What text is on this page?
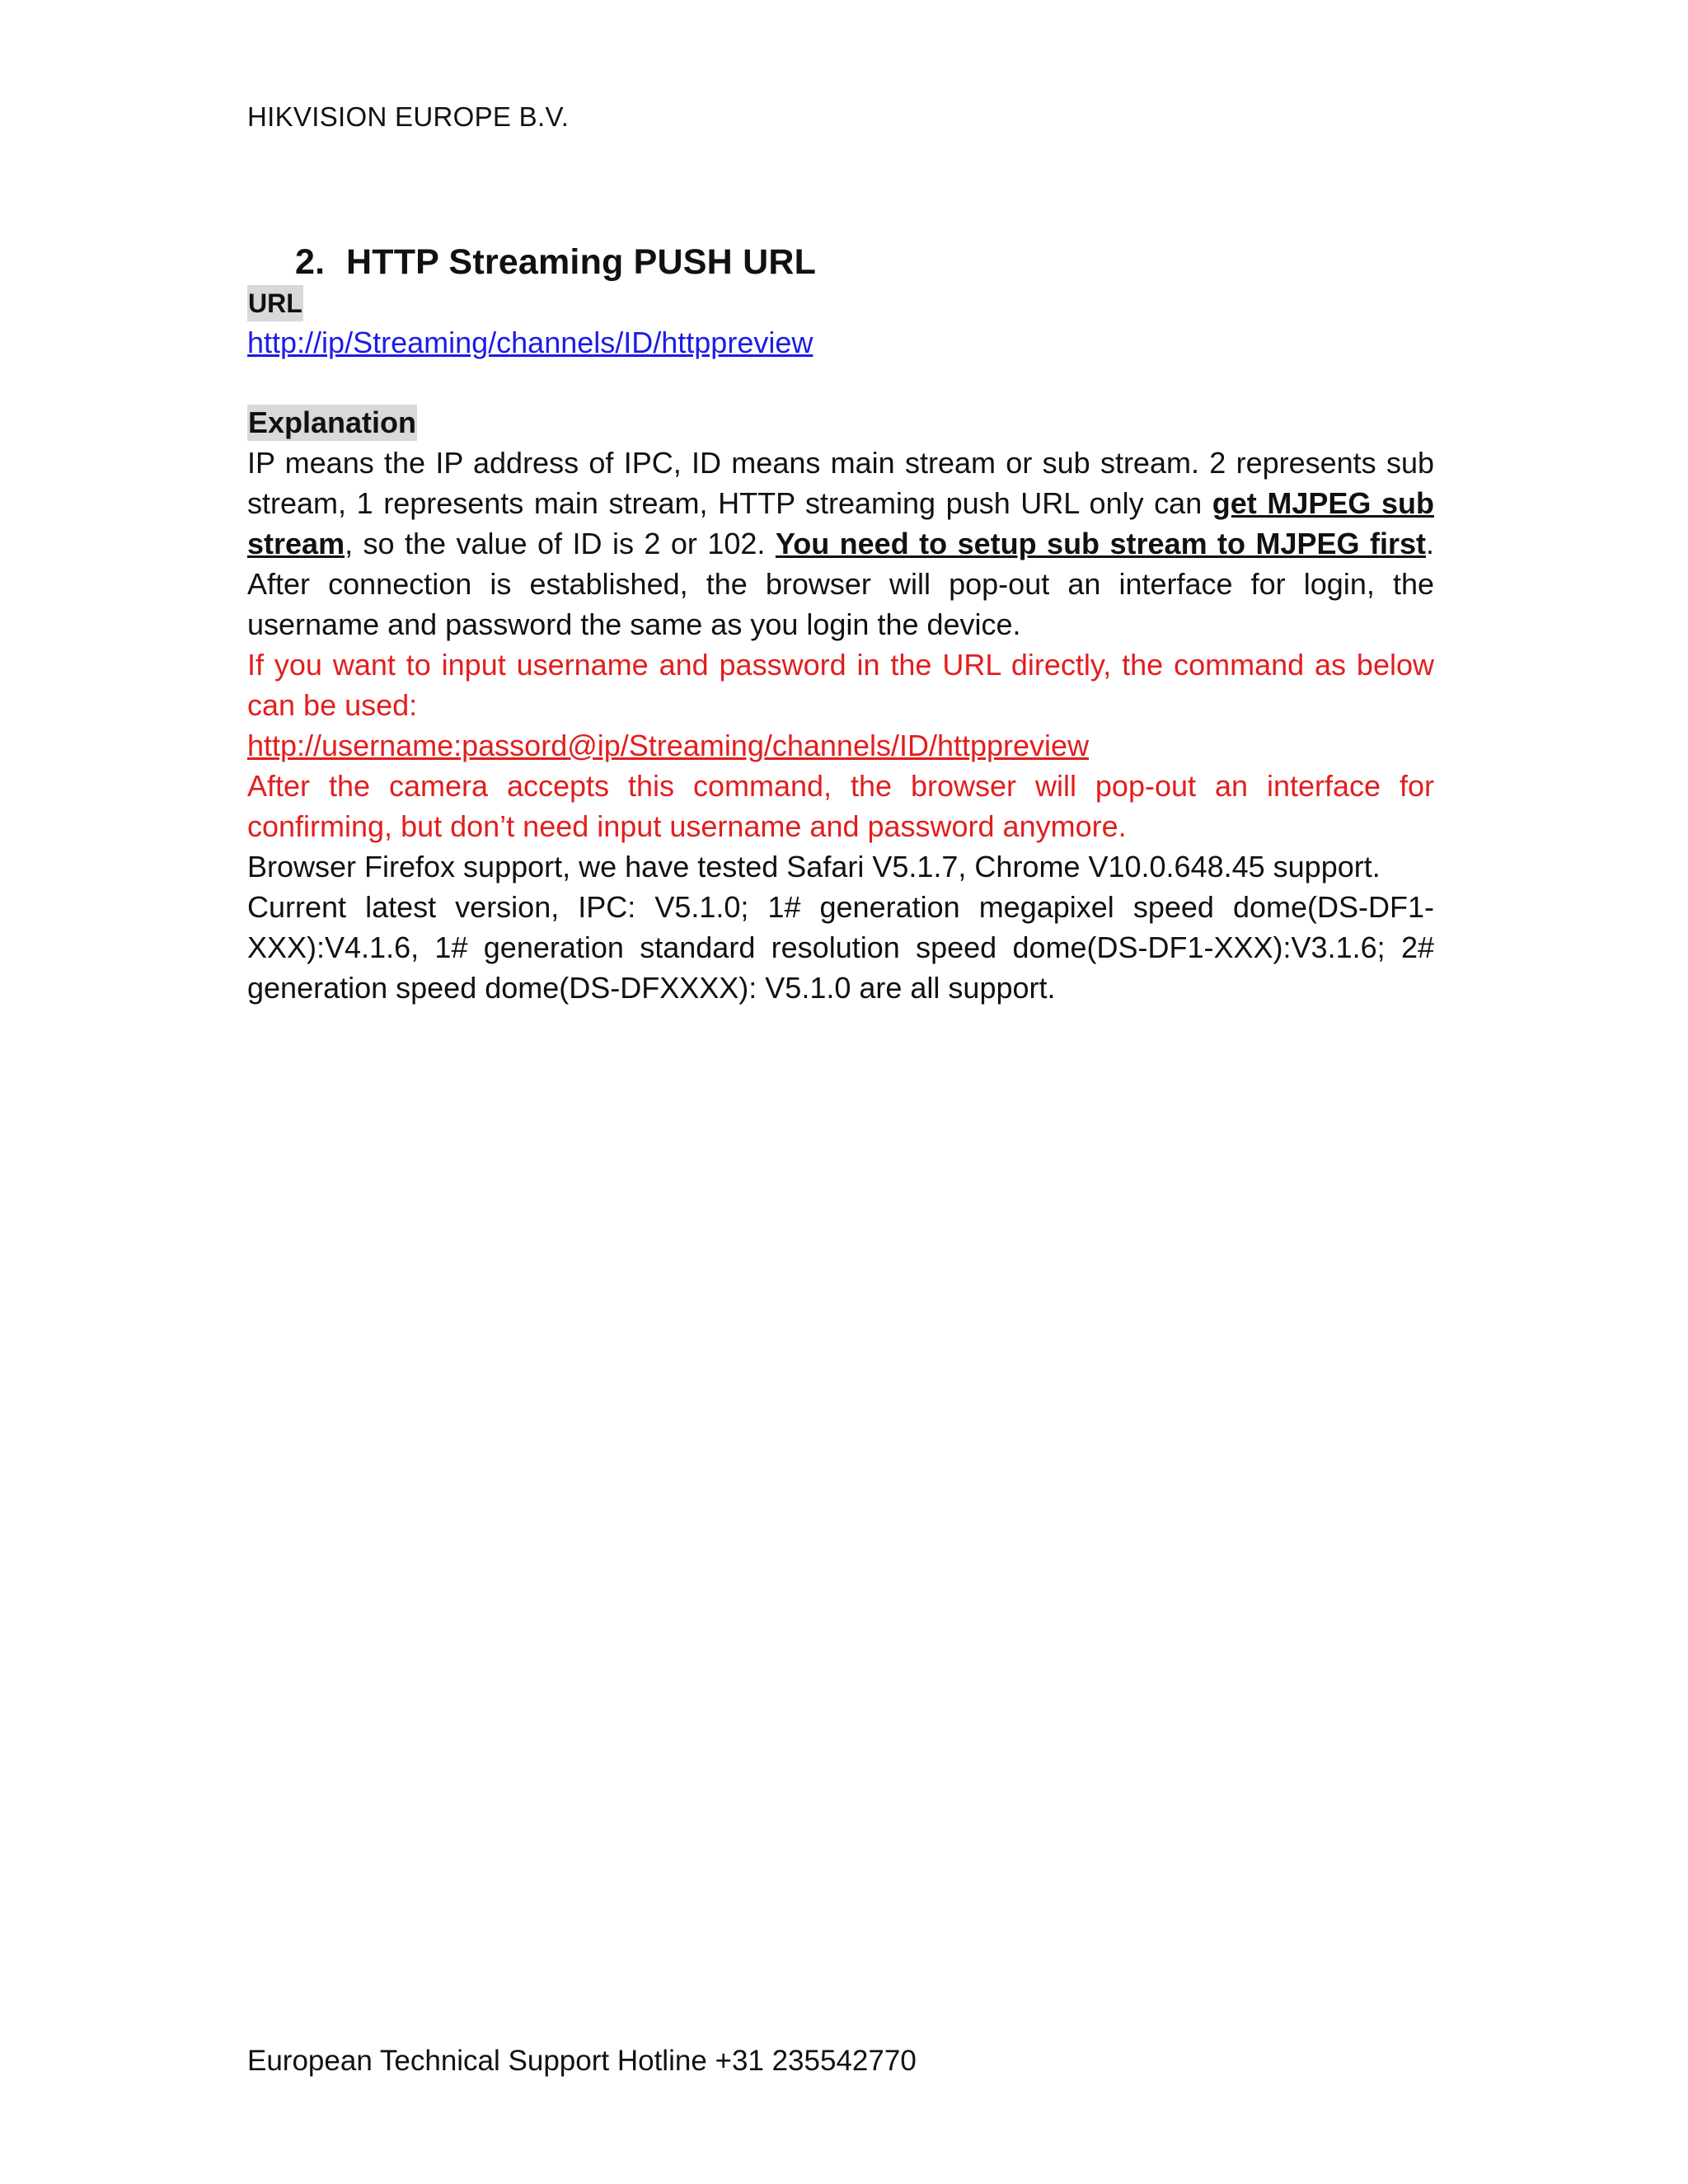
HIKVISION EUROPE B.V.
2. HTTP Streaming PUSH URL
URL
http://ip/Streaming/channels/ID/httppreview
Explanation

IP means the IP address of IPC, ID means main stream or sub stream. 2 represents sub stream, 1 represents main stream, HTTP streaming push URL only can get MJPEG sub stream, so the value of ID is 2 or 102. You need to setup sub stream to MJPEG first. After connection is established, the browser will pop-out an interface for login, the username and password the same as you login the device.

If you want to input username and password in the URL directly, the command as below can be used:

http://username:passord@ip/Streaming/channels/ID/httppreview

After the camera accepts this command, the browser will pop-out an interface for confirming, but don’t need input username and password anymore.

Browser Firefox support, we have tested Safari V5.1.7, Chrome V10.0.648.45 support.

Current latest version, IPC: V5.1.0; 1# generation megapixel speed dome(DS-DF1-XXX):V4.1.6, 1# generation standard resolution speed dome(DS-DF1-XXX):V3.1.6; 2# generation speed dome(DS-DFXXXX): V5.1.0 are all support.

European Technical Support Hotline +31 235542770
